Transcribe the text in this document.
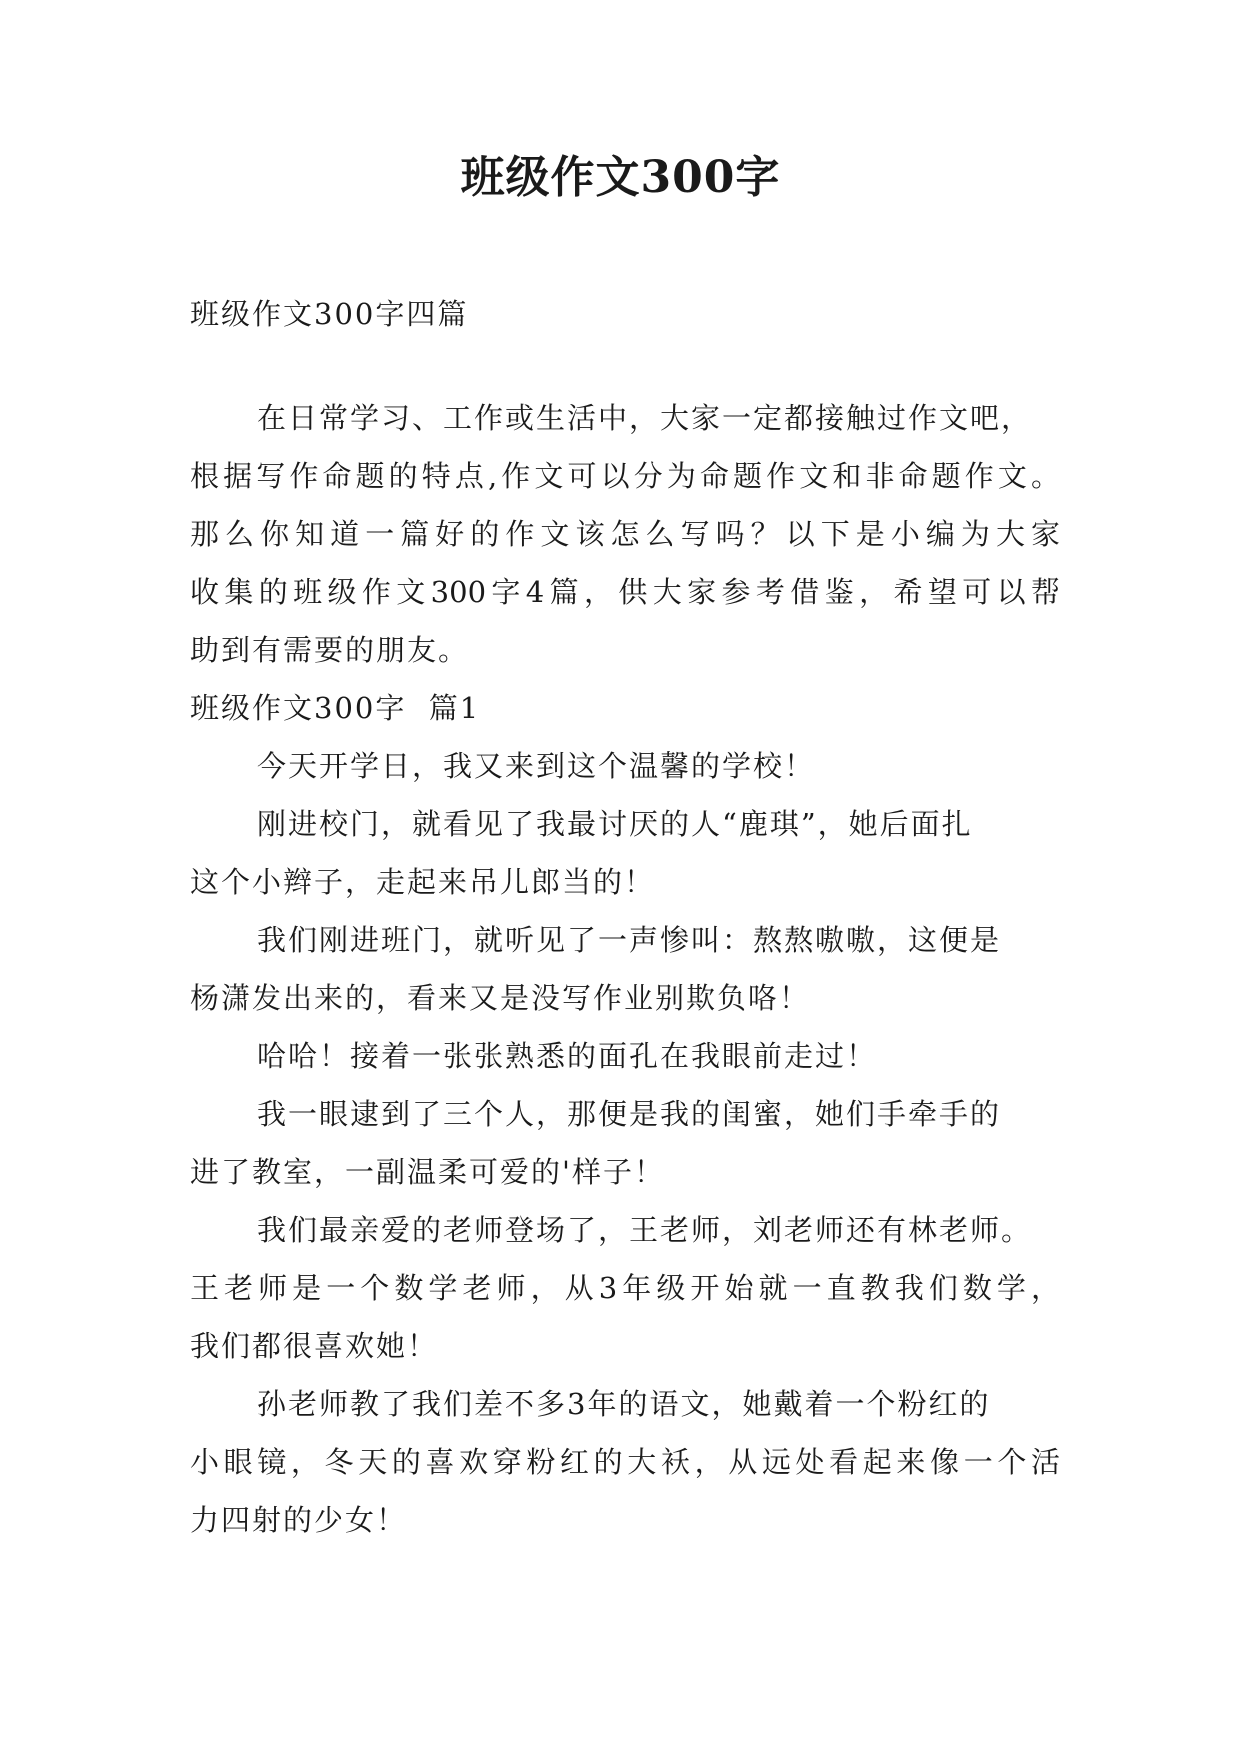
班级作文300字
班级作文300字四篇
在日常学习、工作或生活中，大家一定都接触过作文吧，
根据写作命题的特点,作文可以分为命题作文和非命题作文。
那么你知道一篇好的作文该怎么写吗？以下是小编为大家
收集的班级作文300字4篇，供大家参考借鉴，希望可以帮
助到有需要的朋友。
班级作文300字  篇1
今天开学日，我又来到这个温馨的学校！
刚进校门，就看见了我最讨厌的人“鹿琪”，她后面扎
这个小辫子，走起来吊儿郎当的！
我们刚进班门，就听见了一声惨叫：熬熬嗷嗷，这便是
杨潇发出来的，看来又是没写作业别欺负咯！
哈哈！接着一张张熟悉的面孔在我眼前走过！
我一眼逮到了三个人，那便是我的闺蜜，她们手牵手的
进了教室，一副温柔可爱的'样子！
我们最亲爱的老师登场了，王老师，刘老师还有林老师。
王老师是一个数学老师，从3年级开始就一直教我们数学，
我们都很喜欢她！
孙老师教了我们差不多3年的语文，她戴着一个粉红的
小眼镜，冬天的喜欢穿粉红的大袄，从远处看起来像一个活
力四射的少女！
